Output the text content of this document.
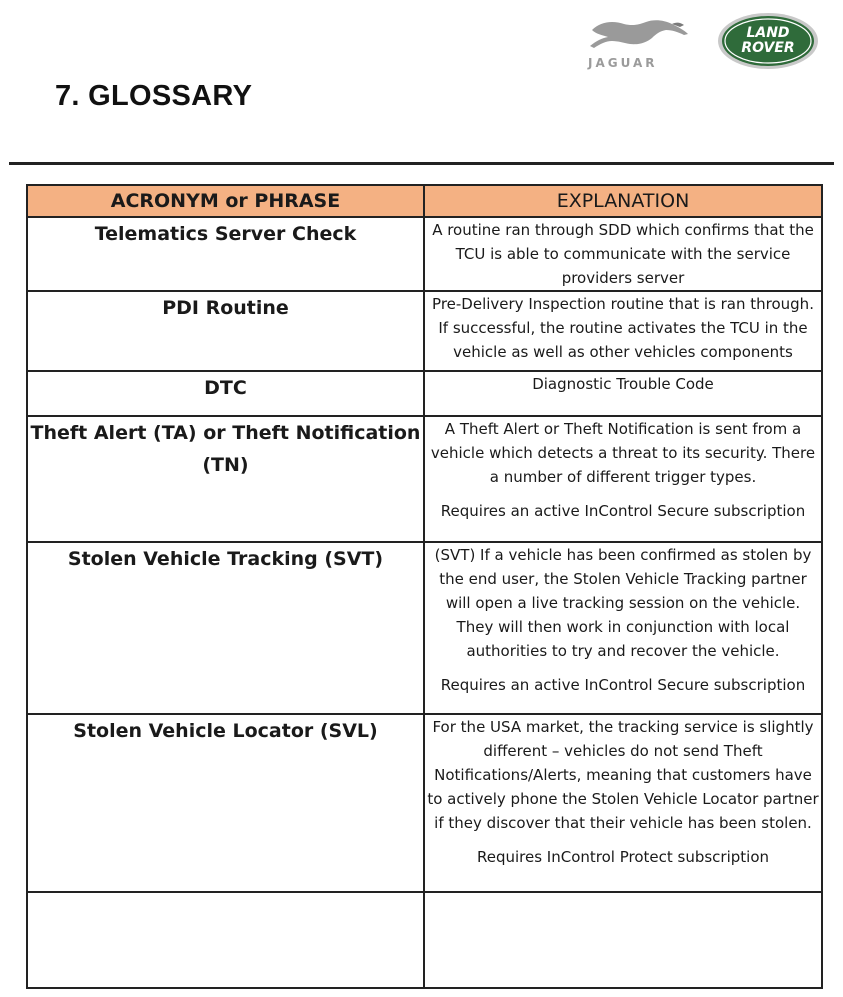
JAGUAR
LAND
ROVER
7. GLOSSARY
ACRONYM or PHRASE	EXPLANATION
Telematics Server Check	A routine ran through SDD which confirms that the TCU is able to communicate with the service providers server

PDI Routine	Pre-Delivery Inspection routine that is ran through. If successful, the routine activates the TCU in the vehicle as well as other vehicles components

DTC	Diagnostic Trouble Code

Theft Alert (TA) or Theft Notification (TN)	A Theft Alert or Theft Notification is sent from a vehicle which detects a threat to its security. There a number of different trigger types.

Requires an active InControl Secure subscription

Stolen Vehicle Tracking (SVT)	(SVT) If a vehicle has been confirmed as stolen by the end user, the Stolen Vehicle Tracking partner will open a live tracking session on the vehicle. They will then work in conjunction with local authorities to try and recover the vehicle.

Requires an active InControl Secure subscription

Stolen Vehicle Locator (SVL)	For the USA market, the tracking service is slightly different – vehicles do not send Theft Notifications/Alerts, meaning that customers have to actively phone the Stolen Vehicle Locator partner if they discover that their vehicle has been stolen.

Requires InControl Protect subscription
